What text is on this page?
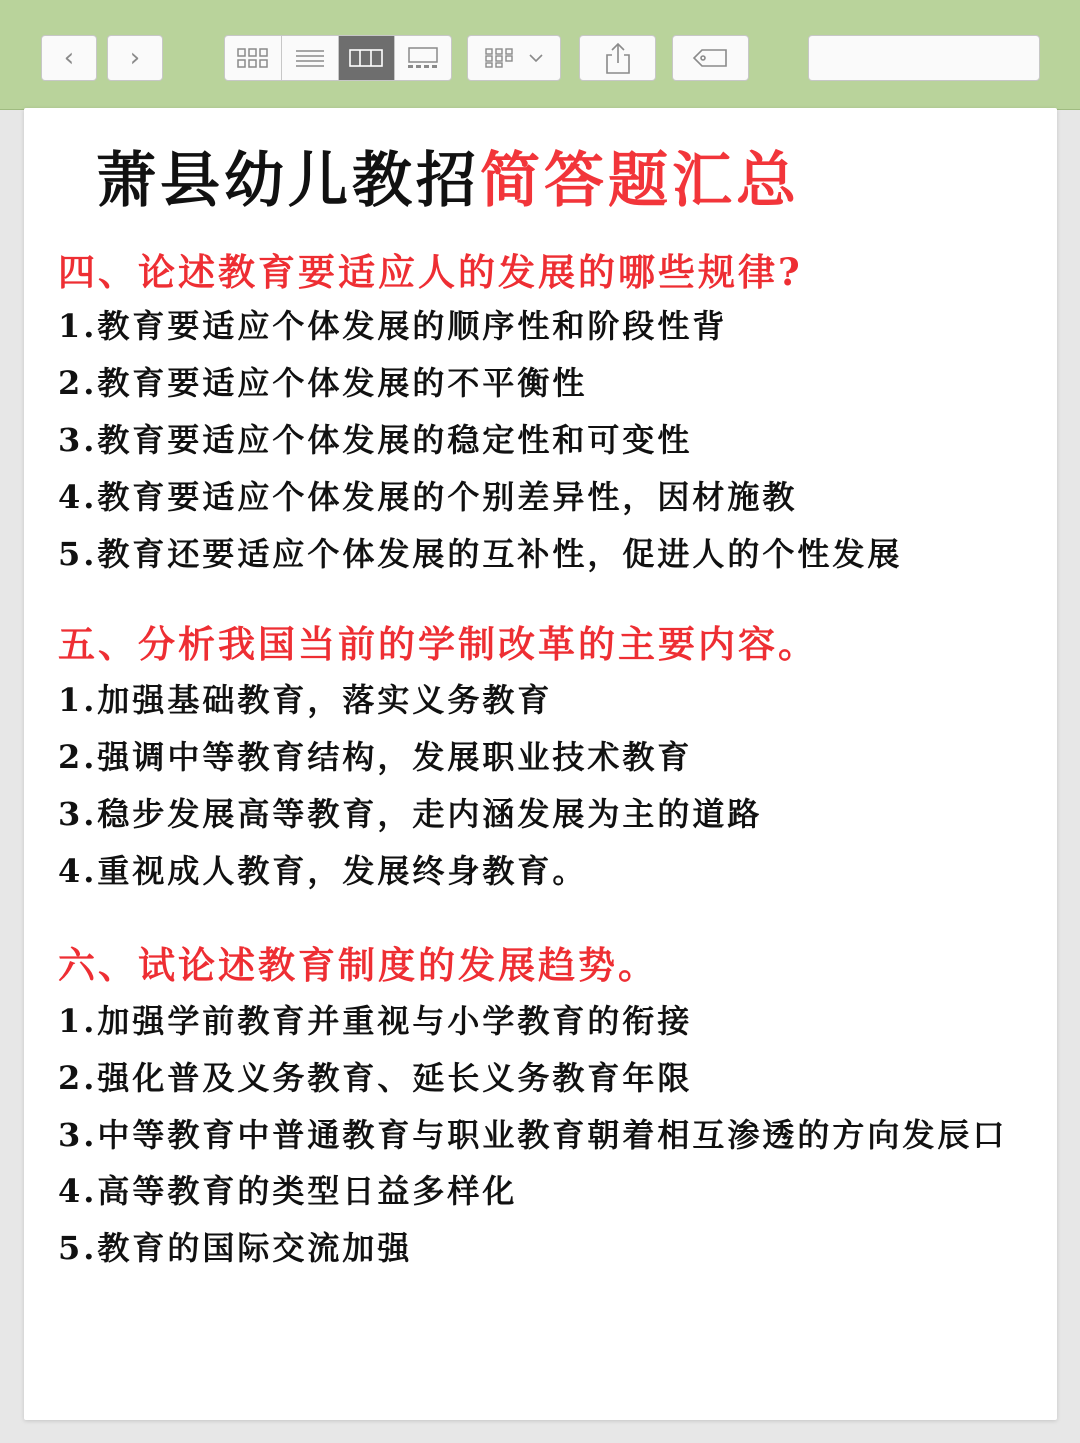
‹ ›
萧县幼儿教招简答题汇总
四、论述教育要适应人的发展的哪些规律?
1.教育要适应个体发展的顺序性和阶段性背
2.教育要适应个体发展的不平衡性
3.教育要适应个体发展的稳定性和可变性
4.教育要适应个体发展的个别差异性，因材施教
5.教育还要适应个体发展的互补性，促进人的个性发展
五、分析我国当前的学制改革的主要内容。
1.加强基础教育，落实义务教育
2.强调中等教育结构，发展职业技术教育
3.稳步发展高等教育，走内涵发展为主的道路
4.重视成人教育，发展终身教育。
六、试论述教育制度的发展趋势。
1.加强学前教育并重视与小学教育的衔接
2.强化普及义务教育、延长义务教育年限
3.中等教育中普通教育与职业教育朝着相互渗透的方向发辰口
4.高等教育的类型日益多样化
5.教育的国际交流加强
